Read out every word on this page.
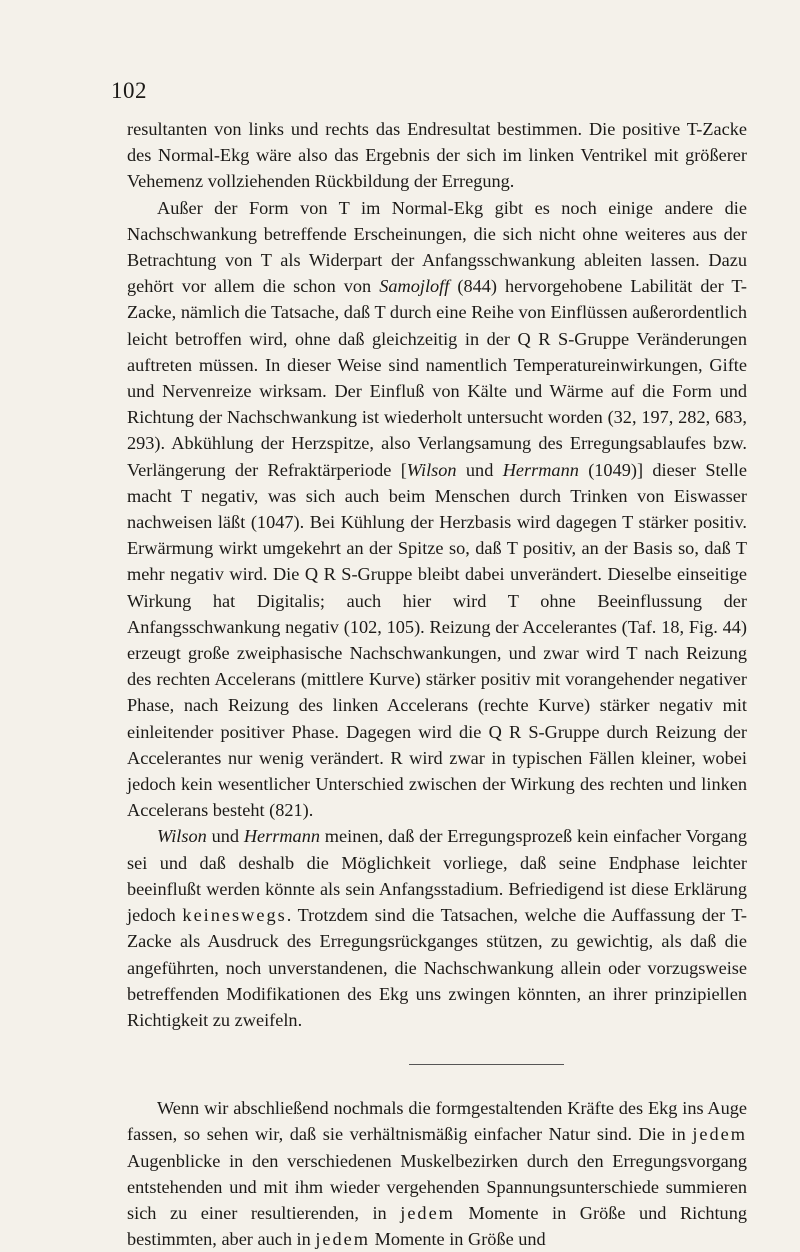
102

resultanten von links und rechts das Endresultat bestimmen. Die positive T-Zacke des Normal-Ekg wäre also das Ergebnis der sich im linken Ventrikel mit größerer Vehemenz vollziehenden Rückbildung der Erregung.

Außer der Form von T im Normal-Ekg gibt es noch einige andere die Nachschwankung betreffende Erscheinungen, die sich nicht ohne weiteres aus der Betrachtung von T als Widerpart der Anfangsschwankung ableiten lassen. Dazu gehört vor allem die schon von Samojloff (844) hervorgehobene Labilität der T-Zacke, nämlich die Tatsache, daß T durch eine Reihe von Einflüssen außerordentlich leicht betroffen wird, ohne daß gleichzeitig in der Q R S-Gruppe Veränderungen auftreten müssen. In dieser Weise sind namentlich Temperatureinwirkungen, Gifte und Nervenreize wirksam. Der Einfluß von Kälte und Wärme auf die Form und Richtung der Nachschwankung ist wiederholt untersucht worden (32, 197, 282, 683, 293). Abkühlung der Herzspitze, also Verlangsamung des Erregungsablaufes bzw. Verlängerung der Refraktärperiode [Wilson und Herrmann (1049)] dieser Stelle macht T negativ, was sich auch beim Menschen durch Trinken von Eiswasser nachweisen läßt (1047). Bei Kühlung der Herzbasis wird dagegen T stärker positiv. Erwärmung wirkt umgekehrt an der Spitze so, daß T positiv, an der Basis so, daß T mehr negativ wird. Die Q R S-Gruppe bleibt dabei unverändert. Dieselbe einseitige Wirkung hat Digitalis; auch hier wird T ohne Beeinflussung der Anfangsschwankung negativ (102, 105). Reizung der Accelerantes (Taf. 18, Fig. 44) erzeugt große zweiphasische Nachschwankungen, und zwar wird T nach Reizung des rechten Accelerans (mittlere Kurve) stärker positiv mit vorangehender negativer Phase, nach Reizung des linken Accelerans (rechte Kurve) stärker negativ mit einleitender positiver Phase. Dagegen wird die Q R S-Gruppe durch Reizung der Accelerantes nur wenig verändert. R wird zwar in typischen Fällen kleiner, wobei jedoch kein wesentlicher Unterschied zwischen der Wirkung des rechten und linken Accelerans besteht (821).

Wilson und Herrmann meinen, daß der Erregungsprozeß kein einfacher Vorgang sei und daß deshalb die Möglichkeit vorliege, daß seine Endphase leichter beeinflußt werden könnte als sein Anfangsstadium. Befriedigend ist diese Erklärung jedoch keineswegs. Trotzdem sind die Tatsachen, welche die Auffassung der T-Zacke als Ausdruck des Erregungsrückganges stützen, zu gewichtig, als daß die angeführten, noch unverstandenen, die Nachschwankung allein oder vorzugsweise betreffenden Modifikationen des Ekg uns zwingen könnten, an ihrer prinzipiellen Richtigkeit zu zweifeln.

Wenn wir abschließend nochmals die formgestaltenden Kräfte des Ekg ins Auge fassen, so sehen wir, daß sie verhältnismäßig einfacher Natur sind. Die in jedem Augenblicke in den verschiedenen Muskelbezirken durch den Erregungsvorgang entstehenden und mit ihm wieder vergehenden Spannungsunterschiede summieren sich zu einer resultierenden, in jedem Momente in Größe und Richtung bestimmten, aber auch in jedem Momente in Größe und
